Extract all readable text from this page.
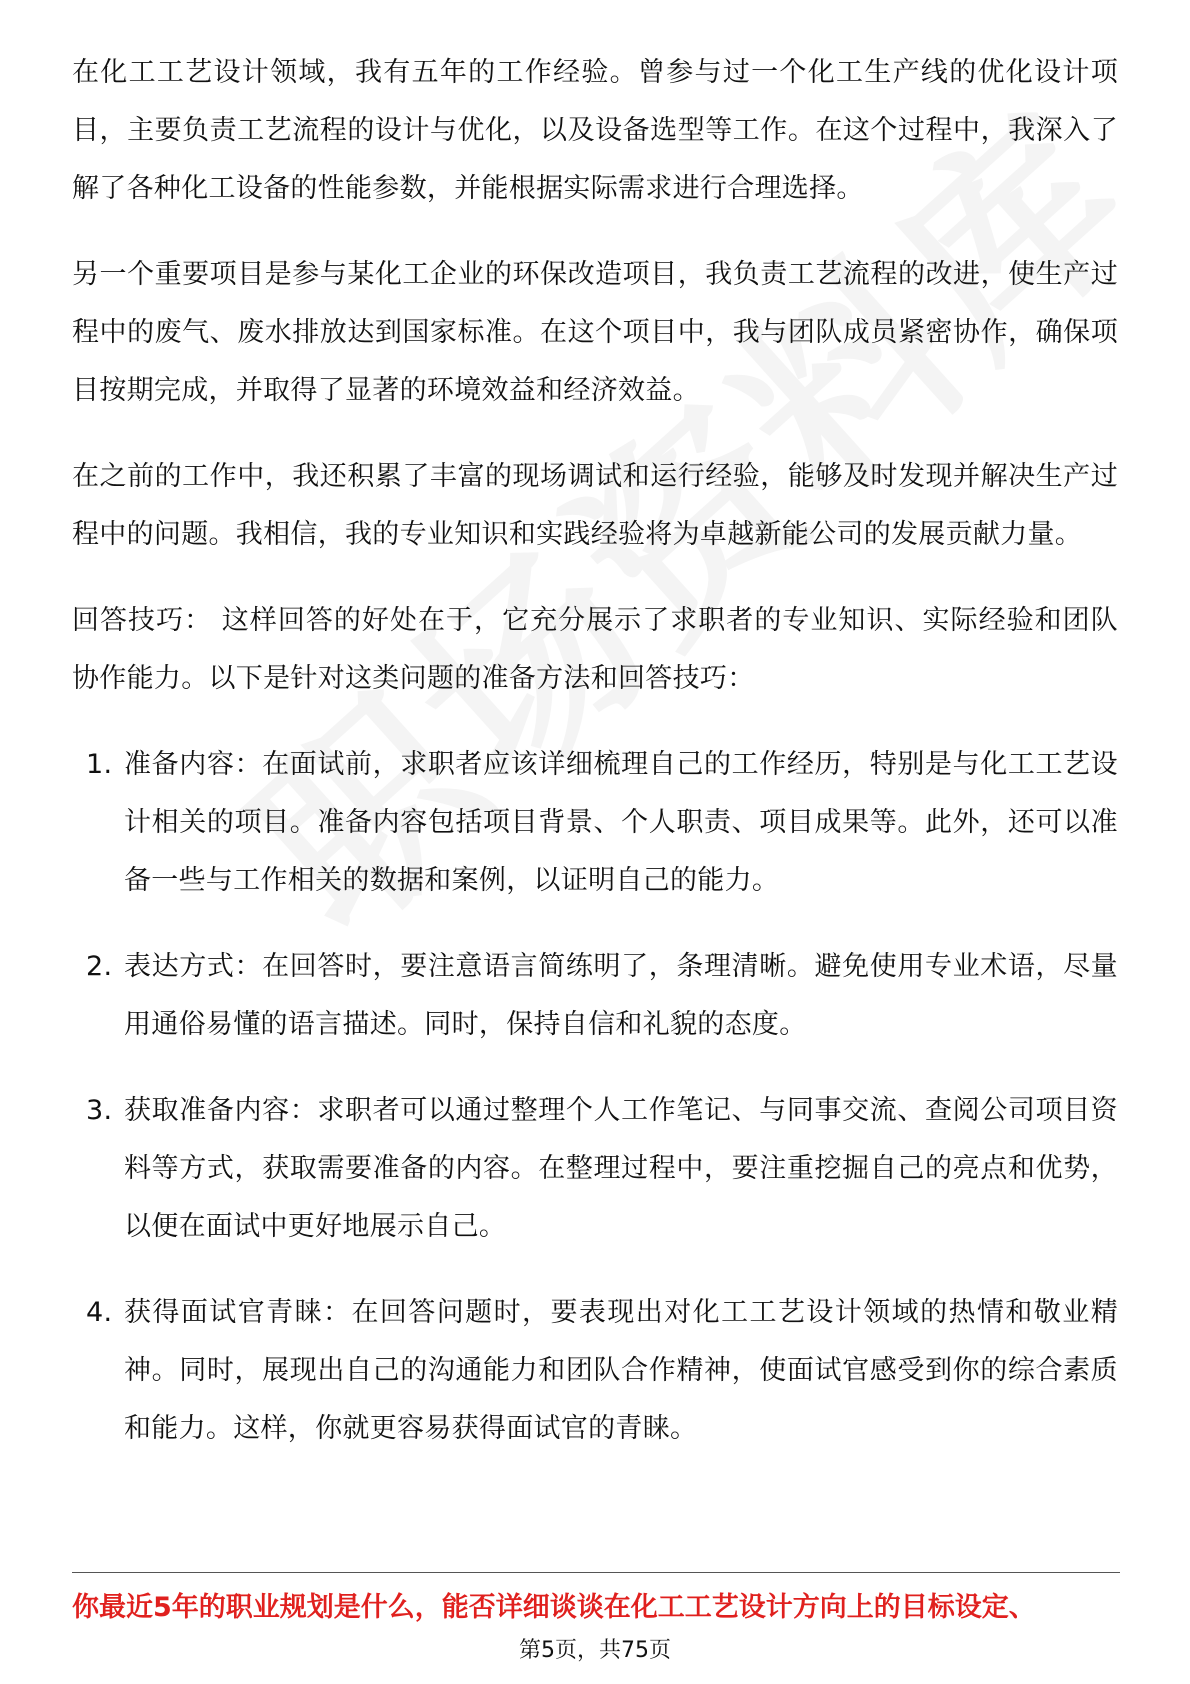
在化工工艺设计领域，我有五年的工作经验。曾参与过一个化工生产线的优化设计项目，主要负责工艺流程的设计与优化，以及设备选型等工作。在这个过程中，我深入了解了各种化工设备的性能参数，并能根据实际需求进行合理选择。

另一个重要项目是参与某化工企业的环保改造项目，我负责工艺流程的改进，使生产过程中的废气、废水排放达到国家标准。在这个项目中，我与团队成员紧密协作，确保项目按期完成，并取得了显著的环境效益和经济效益。

在之前的工作中，我还积累了丰富的现场调试和运行经验，能够及时发现并解决生产过程中的问题。我相信，我的专业知识和实践经验将为卓越新能公司的发展贡献力量。

回答技巧： 这样回答的好处在于，它充分展示了求职者的专业知识、实际经验和团队协作能力。以下是针对这类问题的准备方法和回答技巧：

1. 准备内容：在面试前，求职者应该详细梳理自己的工作经历，特别是与化工工艺设计相关的项目。准备内容包括项目背景、个人职责、项目成果等。此外，还可以准备一些与工作相关的数据和案例，以证明自己的能力。
2. 表达方式：在回答时，要注意语言简练明了，条理清晰。避免使用专业术语，尽量用通俗易懂的语言描述。同时，保持自信和礼貌的态度。
3. 获取准备内容：求职者可以通过整理个人工作笔记、与同事交流、查阅公司项目资料等方式，获取需要准备的内容。在整理过程中，要注重挖掘自己的亮点和优势，以便在面试中更好地展示自己。
4. 获得面试官青睐：在回答问题时，要表现出对化工工艺设计领域的热情和敬业精神。同时，展现出自己的沟通能力和团队合作精神，使面试官感受到你的综合素质和能力。这样，你就更容易获得面试官的青睐。
你最近5年的职业规划是什么，能否详细谈谈在化工工艺设计方向上的目标设定、
第5页，共75页
